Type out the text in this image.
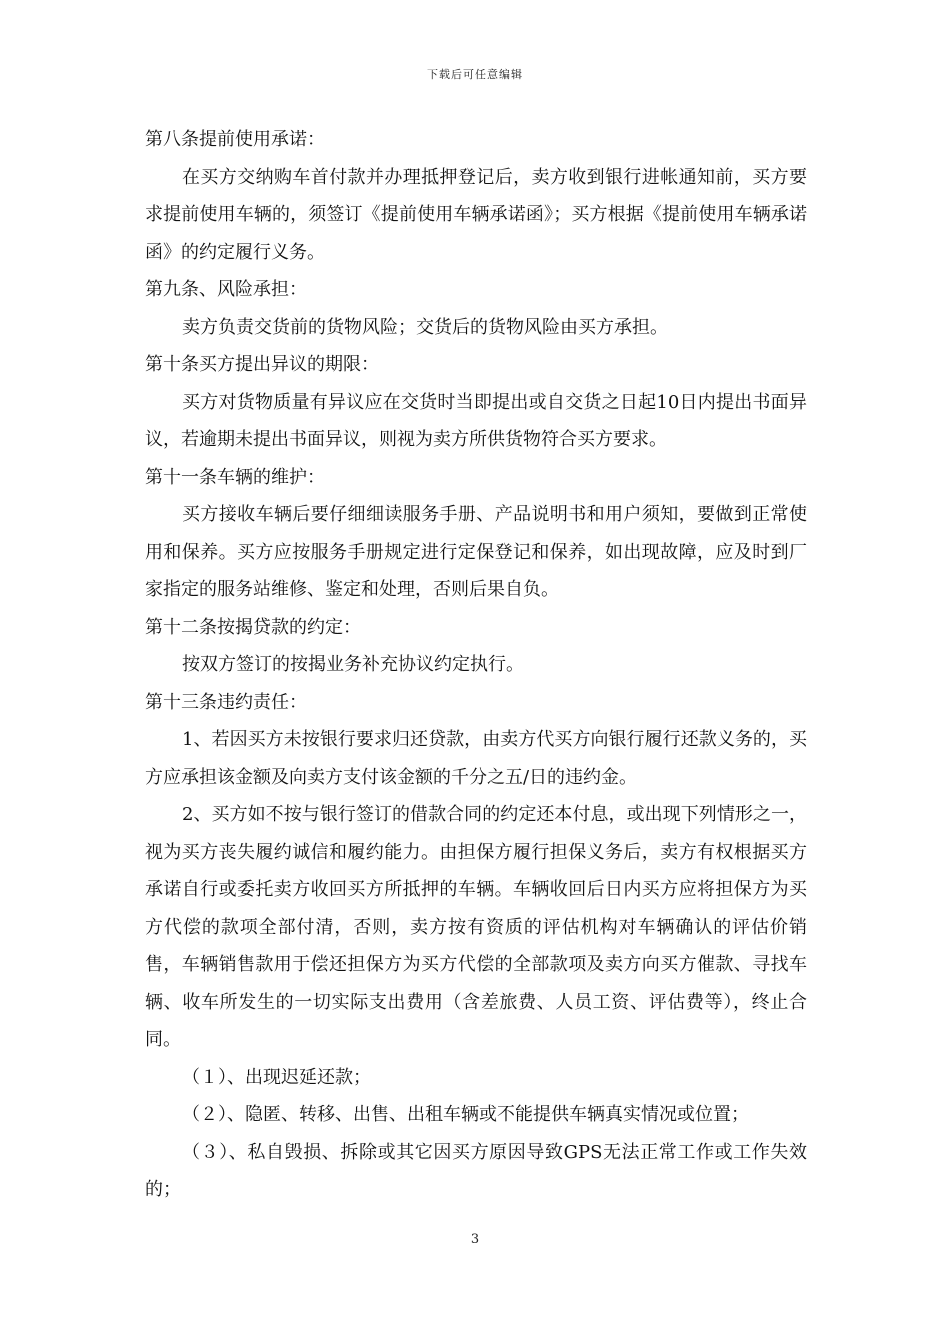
下载后可任意编辑

第八条提前使用承诺：

在买方交纳购车首付款并办理抵押登记后，卖方收到银行进帐通知前，买方要求提前使用车辆的，须签订《提前使用车辆承诺函》；买方根据《提前使用车辆承诺函》的约定履行义务。

第九条、风险承担：

卖方负责交货前的货物风险；交货后的货物风险由买方承担。

第十条买方提出异议的期限：

买方对货物质量有异议应在交货时当即提出或自交货之日起10日内提出书面异议，若逾期未提出书面异议，则视为卖方所供货物符合买方要求。

第十一条车辆的维护：

买方接收车辆后要仔细细读服务手册、产品说明书和用户须知，要做到正常使用和保养。买方应按服务手册规定进行定保登记和保养，如出现故障，应及时到厂家指定的服务站维修、鉴定和处理，否则后果自负。

第十二条按揭贷款的约定：

按双方签订的按揭业务补充协议约定执行。

第十三条违约责任：

1、若因买方未按银行要求归还贷款，由卖方代买方向银行履行还款义务的，买方应承担该金额及向卖方支付该金额的千分之五/日的违约金。

2、买方如不按与银行签订的借款合同的约定还本付息，或出现下列情形之一，视为买方丧失履约诚信和履约能力。由担保方履行担保义务后，卖方有权根据买方承诺自行或委托卖方收回买方所抵押的车辆。车辆收回后日内买方应将担保方为买方代偿的款项全部付清，否则，卖方按有资质的评估机构对车辆确认的评估价销售，车辆销售款用于偿还担保方为买方代偿的全部款项及卖方向买方催款、寻找车辆、收车所发生的一切实际支出费用（含差旅费、人员工资、评估费等），终止合同。

（１）、出现迟延还款；

（２）、隐匿、转移、出售、出租车辆或不能提供车辆真实情况或位置；

（３）、私自毁损、拆除或其它因买方原因导致GPS无法正常工作或工作失效的；

3
